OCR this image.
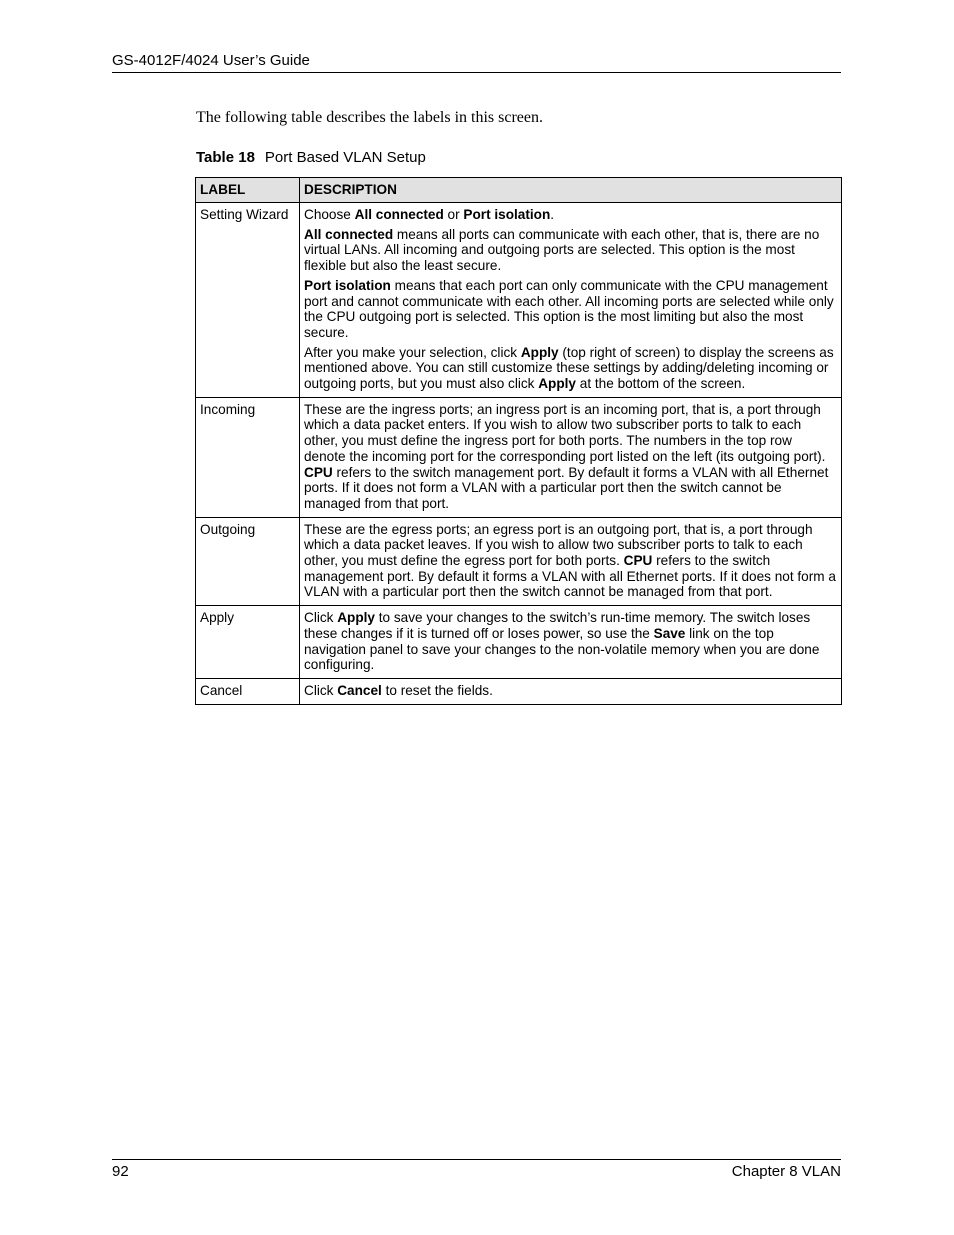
GS-4012F/4024 User’s Guide
The following table describes the labels in this screen.
Table 18 Port Based VLAN Setup
LABEL	DESCRIPTION
Setting Wizard	Choose All connected or Port isolation.

All connected means all ports can communicate with each other, that is, there are no virtual LANs. All incoming and outgoing ports are selected. This option is the most flexible but also the least secure.

Port isolation means that each port can only communicate with the CPU management port and cannot communicate with each other. All incoming ports are selected while only the CPU outgoing port is selected. This option is the most limiting but also the most secure.

After you make your selection, click Apply (top right of screen) to display the screens as mentioned above. You can still customize these settings by adding/deleting incoming or outgoing ports, but you must also click Apply at the bottom of the screen.

Incoming	These are the ingress ports; an ingress port is an incoming port, that is, a port through which a data packet enters. If you wish to allow two subscriber ports to talk to each other, you must define the ingress port for both ports. The numbers in the top row denote the incoming port for the corresponding port listed on the left (its outgoing port). CPU refers to the switch management port. By default it forms a VLAN with all Ethernet ports. If it does not form a VLAN with a particular port then the switch cannot be managed from that port.

Outgoing	These are the egress ports; an egress port is an outgoing port, that is, a port through which a data packet leaves. If you wish to allow two subscriber ports to talk to each other, you must define the egress port for both ports. CPU refers to the switch management port. By default it forms a VLAN with all Ethernet ports. If it does not form a VLAN with a particular port then the switch cannot be managed from that port.

Apply	Click Apply to save your changes to the switch’s run-time memory. The switch loses these changes if it is turned off or loses power, so use the Save link on the top navigation panel to save your changes to the non-volatile memory when you are done configuring.

Cancel	Click Cancel to reset the fields.

92	Chapter 8 VLAN
